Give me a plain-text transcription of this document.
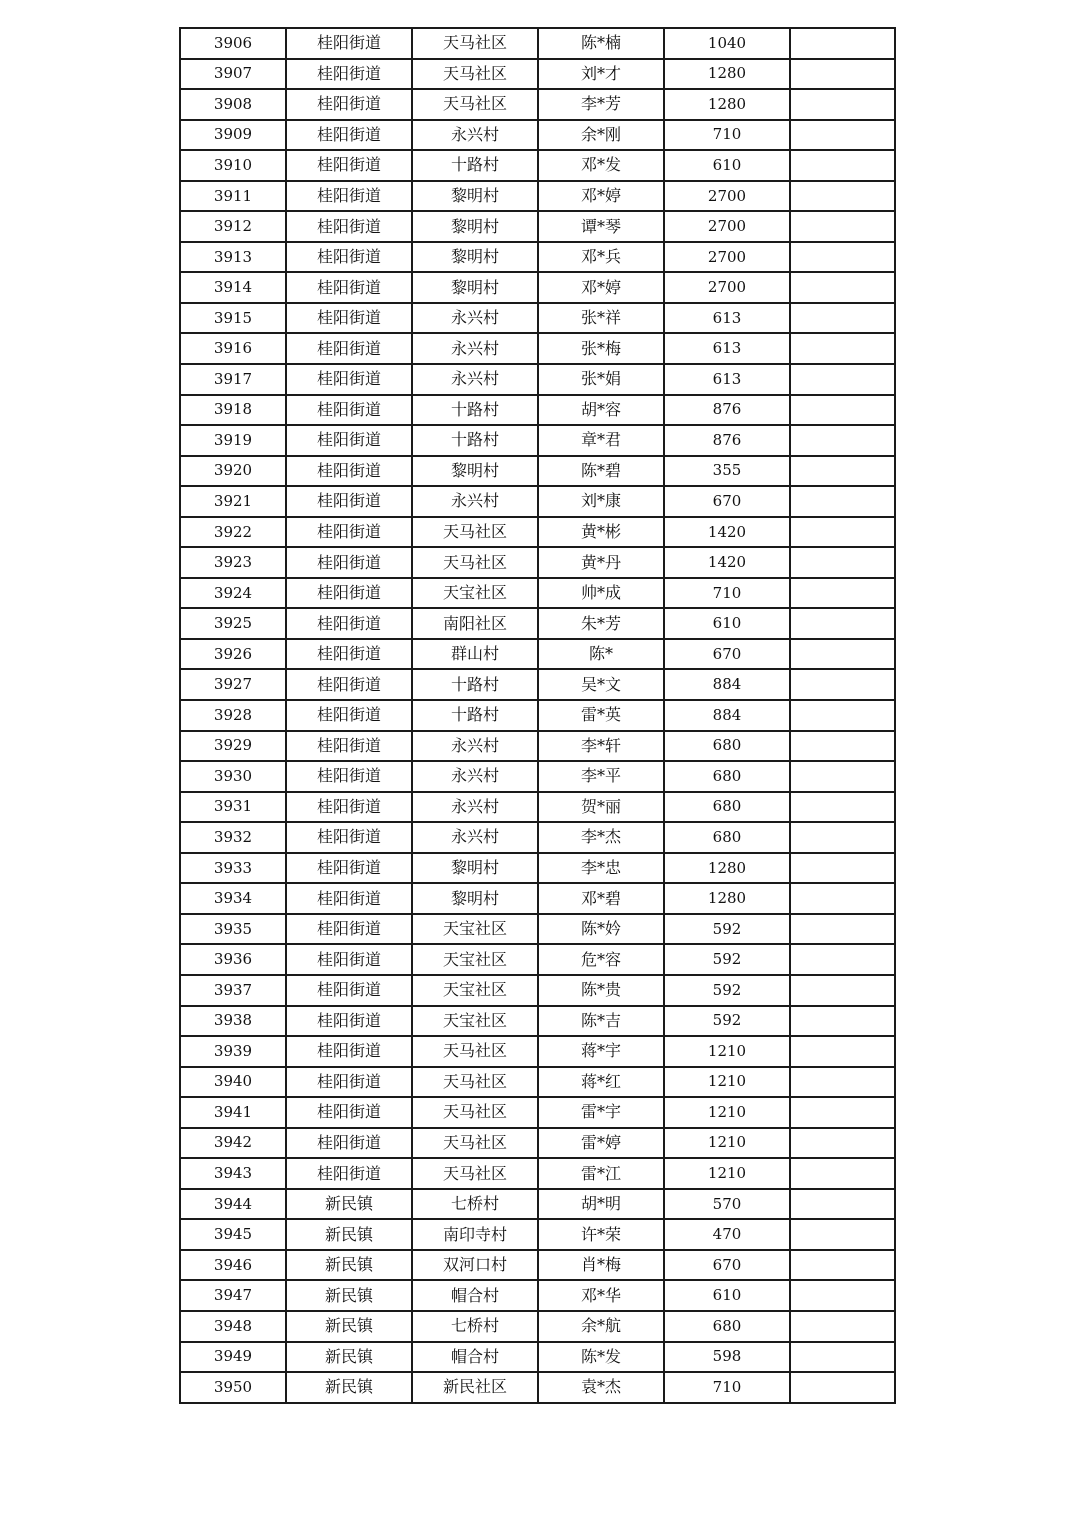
3906	桂阳街道	天马社区	陈*楠	1040	
3907	桂阳街道	天马社区	刘*才	1280	
3908	桂阳街道	天马社区	李*芳	1280	
3909	桂阳街道	永兴村	余*刚	710	
3910	桂阳街道	十路村	邓*发	610	
3911	桂阳街道	黎明村	邓*婷	2700	
3912	桂阳街道	黎明村	谭*琴	2700	
3913	桂阳街道	黎明村	邓*兵	2700	
3914	桂阳街道	黎明村	邓*婷	2700	
3915	桂阳街道	永兴村	张*祥	613	
3916	桂阳街道	永兴村	张*梅	613	
3917	桂阳街道	永兴村	张*娟	613	
3918	桂阳街道	十路村	胡*容	876	
3919	桂阳街道	十路村	章*君	876	
3920	桂阳街道	黎明村	陈*碧	355	
3921	桂阳街道	永兴村	刘*康	670	
3922	桂阳街道	天马社区	黄*彬	1420	
3923	桂阳街道	天马社区	黄*丹	1420	
3924	桂阳街道	天宝社区	帅*成	710	
3925	桂阳街道	南阳社区	朱*芳	610	
3926	桂阳街道	群山村	陈*	670	
3927	桂阳街道	十路村	吴*文	884	
3928	桂阳街道	十路村	雷*英	884	
3929	桂阳街道	永兴村	李*轩	680	
3930	桂阳街道	永兴村	李*平	680	
3931	桂阳街道	永兴村	贺*丽	680	
3932	桂阳街道	永兴村	李*杰	680	
3933	桂阳街道	黎明村	李*忠	1280	
3934	桂阳街道	黎明村	邓*碧	1280	
3935	桂阳街道	天宝社区	陈*妗	592	
3936	桂阳街道	天宝社区	危*容	592	
3937	桂阳街道	天宝社区	陈*贵	592	
3938	桂阳街道	天宝社区	陈*吉	592	
3939	桂阳街道	天马社区	蒋*宇	1210	
3940	桂阳街道	天马社区	蒋*红	1210	
3941	桂阳街道	天马社区	雷*宇	1210	
3942	桂阳街道	天马社区	雷*婷	1210	
3943	桂阳街道	天马社区	雷*江	1210	
3944	新民镇	七桥村	胡*明	570	
3945	新民镇	南印寺村	许*荣	470	
3946	新民镇	双河口村	肖*梅	670	
3947	新民镇	帽合村	邓*华	610	
3948	新民镇	七桥村	余*航	680	
3949	新民镇	帽合村	陈*发	598	
3950	新民镇	新民社区	袁*杰	710	
